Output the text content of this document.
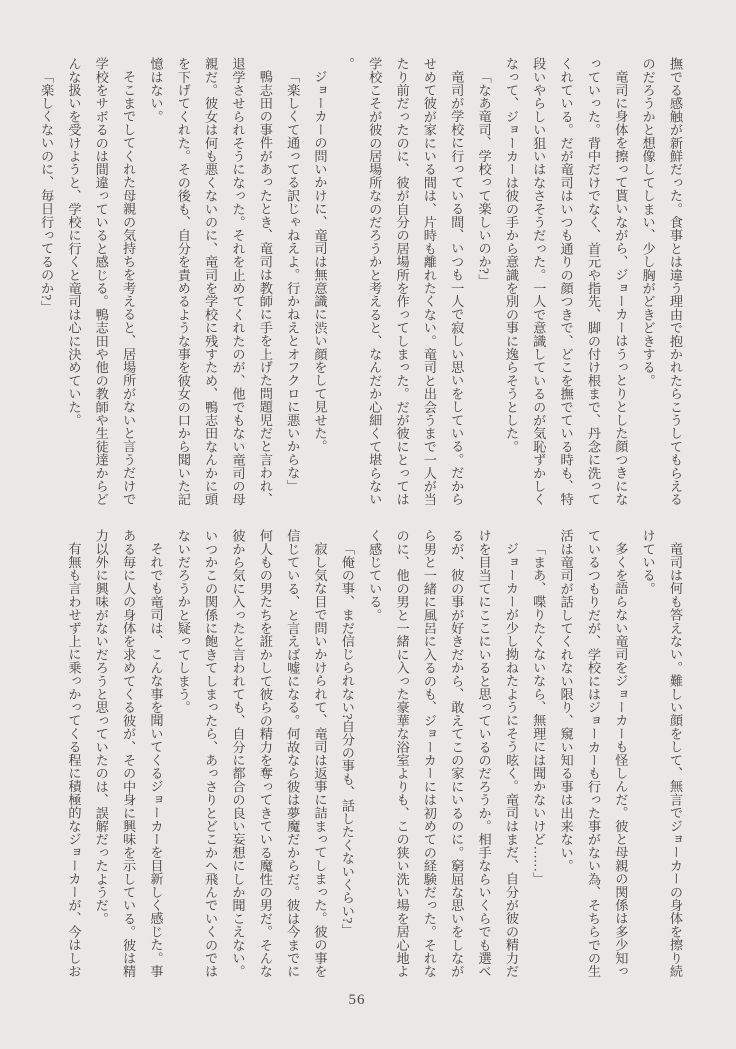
撫でる感触が新鮮だった。食事とは違う理由で抱かれたらこうしてもらえるのだろうかと想像してしまい、少し胸がどきどきする。

竜司に身体を擦って貰いながら、ジョーカーはうっとりとした顔つきになっていった。背中だけでなく、首元や指先、脚の付け根まで、丹念に洗ってくれている。だが竜司はいつも通りの顔つきで、どこを撫でている時も、特段いやらしい狙いはなさそうだった。一人で意識しているのが気恥ずかしくなって、ジョーカーは彼の手から意識を別の事に逸らそうとした。

「なあ竜司、学校って楽しいのか?」

竜司が学校に行っている間、いつも一人で寂しい思いをしている。だからせめて彼が家にいる間は、片時も離れたくない。竜司と出会うまで一人が当たり前だったのに、彼が自分の居場所を作ってしまった。だが彼にとっては学校こそが彼の居場所なのだろうかと考えると、なんだか心細くて堪らない。

ジョーカーの問いかけに、竜司は無意識に渋い顔をして見せた。

「楽しくて通ってる訳じゃねえよ。行かねえとオフクロに悪いからな」

鴨志田の事件があったとき、竜司は教師に手を上げた問題児だと言われ、退学させられそうになった。それを止めてくれたのが、他でもない竜司の母親だ。彼女は何も悪くないのに、竜司を学校に残すため、鴨志田なんかに頭を下げてくれた。その後も、自分を責めるような事を彼女の口から聞いた記憶はない。

そこまでしてくれた母親の気持ちを考えると、居場所がないと言うだけで学校をサボるのは間違っていると感じる。鴨志田や他の教師や生徒達からどんな扱いを受けようと、学校に行くと竜司は心に決めていた。

「楽しくないのに、毎日行ってるのか?」

竜司は何も答えない。難しい顔をして、無言でジョーカーの身体を擦り続けている。

多くを語らない竜司をジョーカーも怪しんだ。彼と母親の関係は多少知っているつもりだが、学校にはジョーカーも行った事がない為、そちらでの生活は竜司が話してくれない限り、窺い知る事は出来ない。

「まあ、喋りたくないなら、無理には聞かないけど……」

ジョーカーが少し拗ねたようにそう呟く。竜司はまだ、自分が彼の精力だけを目当てにここにいると思っているのだろうか。相手ならいくらでも選べるが、彼の事が好きだから、敢えてこの家にいるのに。窮屈な思いをしながら男と一緒に風呂に入るのも、ジョーカーには初めての経験だった。それなのに、他の男と一緒に入った豪華な浴室よりも、この狭い洗い場を居心地よく感じている。

「俺の事、まだ信じられない?自分の事も、話したくないくらい?」

寂し気な目で問いかけられて、竜司は返事に詰まってしまった。彼の事を信じている、と言えば嘘になる。何故なら彼は夢魔だからだ。彼は今までに何人もの男たちを誑かして彼らの精力を奪ってきている魔性の男だ。そんな彼から気に入ったと言われても、自分に都合の良い妄想にしか聞こえない。いつかこの関係に飽きてしまったら、あっさりとどこかへ飛んでいくのではないだろうかと疑ってしまう。

それでも竜司は、こんな事を聞いてくるジョーカーを目新しく感じた。事ある毎に人の身体を求めてくる彼が、その中身に興味を示している。彼は精力以外に興味がないだろうと思っていたのは、誤解だったようだ。

有無も言わせず上に乗っかってくる程に積極的なジョーカーが、今はしお

56
